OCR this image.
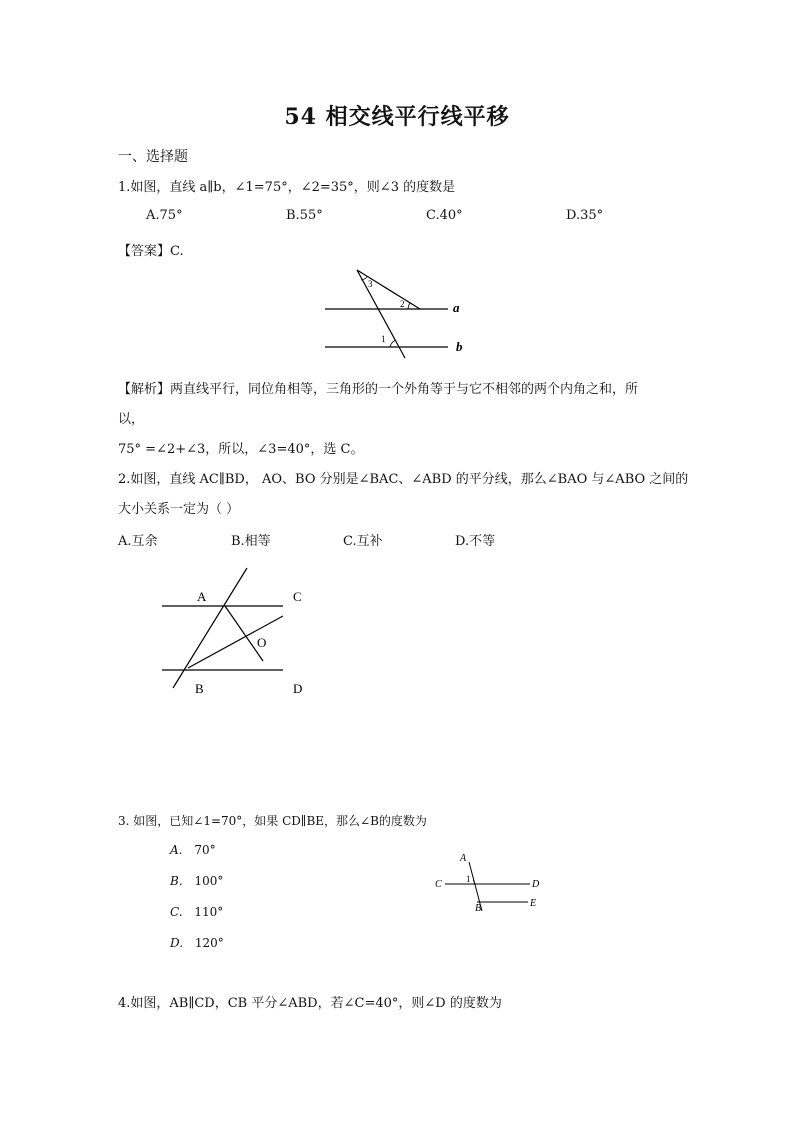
54 相交线平行线平移
一、选择题
1.如图，直线 a∥b，∠1=75°，∠2=35°，则∠3 的度数是
A.75°	B.55°	C.40°	D.35°
【答案】C.
3
2
1
a
b
【解析】两直线平行，同位角相等，三角形的一个外角等于与它不相邻的两个内角之和，所
以，
75° =∠2+∠3，所以，∠3=40°，选 C。
2.如图，直线 AC∥BD， AO、BO 分别是∠BAC、∠ABD 的平分线，那么∠BAO 与∠ABO 之间的
大小关系一定为（ ）
A.互余	B.相等	C.互补	D.不等
A	C
O
B	D
3. 如图，已知∠1=70°，如果 CD∥BE，那么∠B的度数为
A. 70°
B. 100°
C. 110°
D. 120°
A
C	1	D
B	E
4.如图，AB∥CD，CB 平分∠ABD，若∠C=40°，则∠D 的度数为
